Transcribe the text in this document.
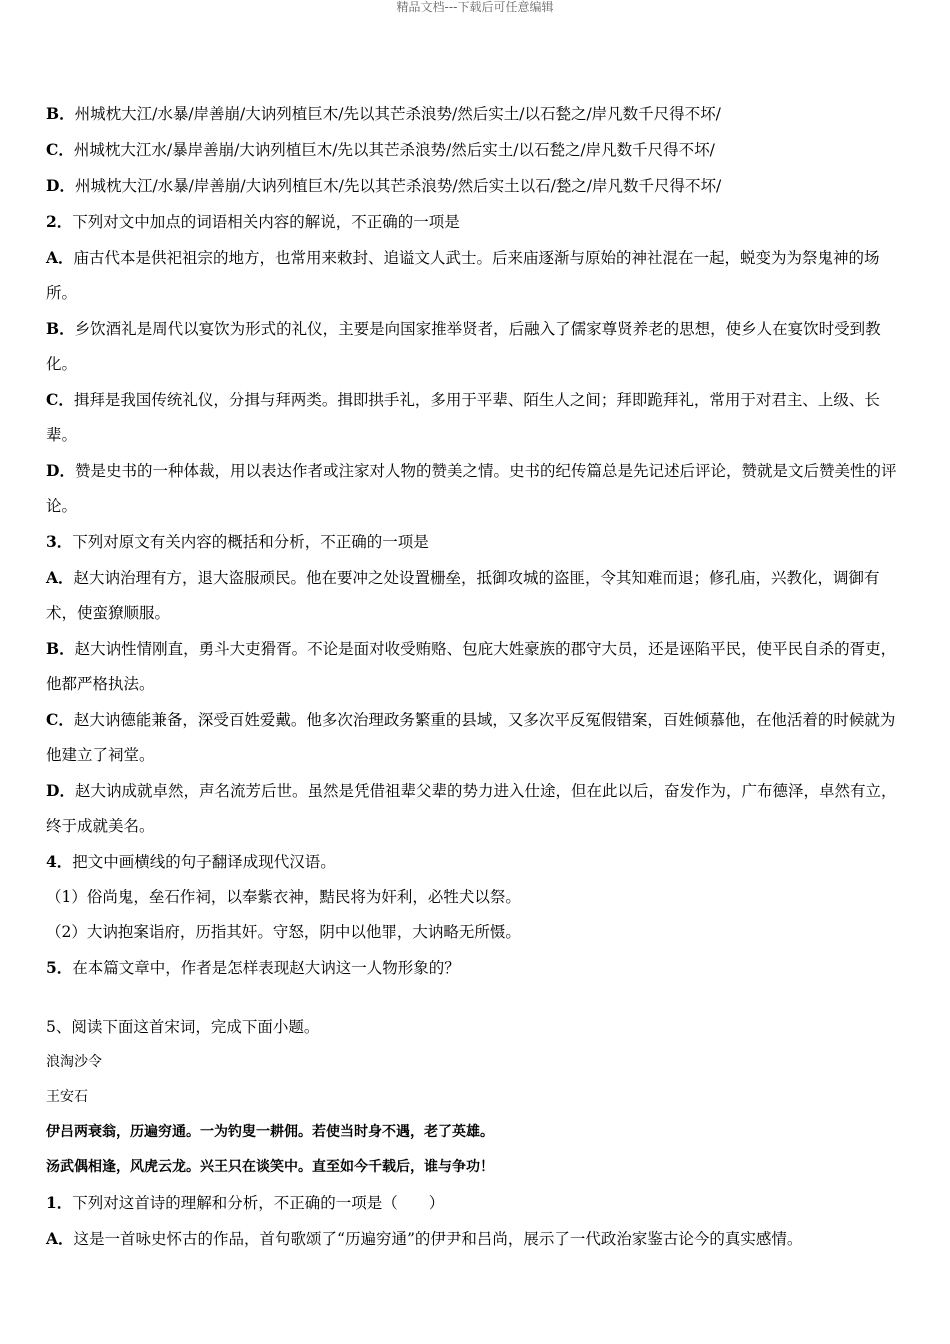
精品文档---下载后可任意编辑

B．州城枕大江/水暴/岸善崩/大讷列植巨木/先以其芒杀浪势/然后实土/以石甃之/岸凡数千尺得不坏/

C．州城枕大江水/暴岸善崩/大讷列植巨木/先以其芒杀浪势/然后实土/以石甃之/岸凡数千尺得不坏/

D．州城枕大江/水暴/岸善崩/大讷列植巨木/先以其芒杀浪势/然后实土以石/甃之/岸凡数千尺得不坏/

2．下列对文中加点的词语相关内容的解说，不正确的一项是

A．庙古代本是供祀祖宗的地方，也常用来敕封、追谥文人武士。后来庙逐渐与原始的神社混在一起，蜕变为为祭鬼神的场所。

B．乡饮酒礼是周代以宴饮为形式的礼仪，主要是向国家推举贤者，后融入了儒家尊贤养老的思想，使乡人在宴饮时受到教化。

C．揖拜是我国传统礼仪，分揖与拜两类。揖即拱手礼，多用于平辈、陌生人之间；拜即跪拜礼，常用于对君主、上级、长辈。

D．赞是史书的一种体裁，用以表达作者或注家对人物的赞美之情。史书的纪传篇总是先记述后评论，赞就是文后赞美性的评论。

3．下列对原文有关内容的概括和分析，不正确的一项是

A．赵大讷治理有方，退大盗服顽民。他在要冲之处设置栅垒，抵御攻城的盗匪，令其知难而退；修孔庙，兴教化，调御有术，使蛮獠顺服。

B．赵大讷性情刚直，勇斗大吏猾胥。不论是面对收受贿赂、包庇大姓豪族的郡守大员，还是诬陷平民，使平民自杀的胥吏，他都严格执法。

C．赵大讷德能兼备，深受百姓爱戴。他多次治理政务繁重的县域，又多次平反冤假错案，百姓倾慕他，在他活着的时候就为他建立了祠堂。

D．赵大讷成就卓然，声名流芳后世。虽然是凭借祖辈父辈的势力进入仕途，但在此以后，奋发作为，广布德泽，卓然有立，终于成就美名。

4．把文中画横线的句子翻译成现代汉语。

（1）俗尚鬼，垒石作祠，以奉紫衣神，黠民将为奸利，必牲犬以祭。

（2）大讷抱案诣府，历指其奸。守怒，阴中以他罪，大讷略无所慑。

5．在本篇文章中，作者是怎样表现赵大讷这一人物形象的？

5、阅读下面这首宋词，完成下面小题。

浪淘沙令

王安石

伊吕两衰翁，历遍穷通。一为钓叟一耕佣。若使当时身不遇，老了英雄。

汤武偶相逢，风虎云龙。兴王只在谈笑中。直至如今千载后，谁与争功！

1．下列对这首诗的理解和分析，不正确的一项是（　　）

A．这是一首咏史怀古的作品，首句歌颂了“历遍穷通”的伊尹和吕尚，展示了一代政治家鉴古论今的真实感情。
